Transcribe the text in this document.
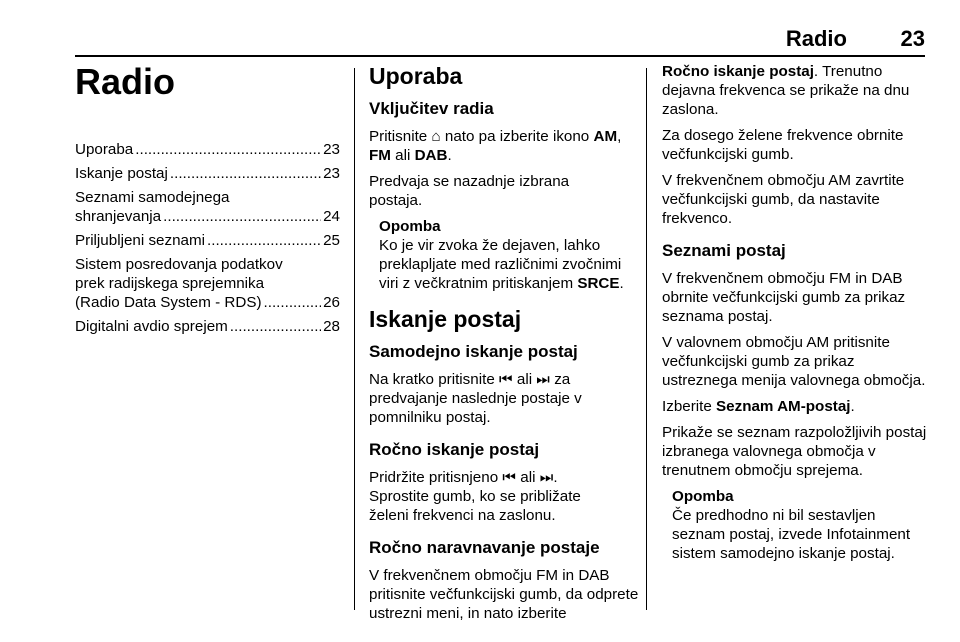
Radio 23
Radio
Uporaba .....	23
Iskanje postaj .....	23
Seznami samodejnega
shranjevanja .....	24
Priljubljeni seznami .....	25
Sistem posredovanja podatkov
prek radijskega sprejemnika
(Radio Data System - RDS) .....	26
Digitalni avdio sprejem .....	28
Uporaba
Vključitev radia

Pritisnite ⌂ nato pa izberite ikono AM, FM ali DAB.

Predvaja se nazadnje izbrana postaja.

Opomba
Ko je vir zvoka že dejaven, lahko preklapljate med različnimi zvočnimi viri z večkratnim pritiskanjem SRCE.
Iskanje postaj
Samodejno iskanje postaj

Na kratko pritisnite ⏮ ali ⏭ za predvajanje naslednje postaje v pomnilniku postaj.

Ročno iskanje postaj

Pridržite pritisnjeno ⏮ ali ⏭.

Sprostite gumb, ko se približate želeni frekvenci na zaslonu.

Ročno naravnavanje postaje

V frekvenčnem območju FM in DAB pritisnite večfunkcijski gumb, da odprete ustrezni meni, in nato izberite

Ročno iskanje postaj. Trenutno dejavna frekvenca se prikaže na dnu zaslona.

Za dosego želene frekvence obrnite večfunkcijski gumb.

V frekvenčnem območju AM zavrtite večfunkcijski gumb, da nastavite frekvenco.

Seznami postaj

V frekvenčnem območju FM in DAB obrnite večfunkcijski gumb za prikaz seznama postaj.

V valovnem območju AM pritisnite večfunkcijski gumb za prikaz ustreznega menija valovnega območja.

Izberite Seznam AM-postaj.

Prikaže se seznam razpoložljivih postaj izbranega valovnega območja v trenutnem območju sprejema.

Opomba
Če predhodno ni bil sestavljen seznam postaj, izvede Infotainment sistem samodejno iskanje postaj.
